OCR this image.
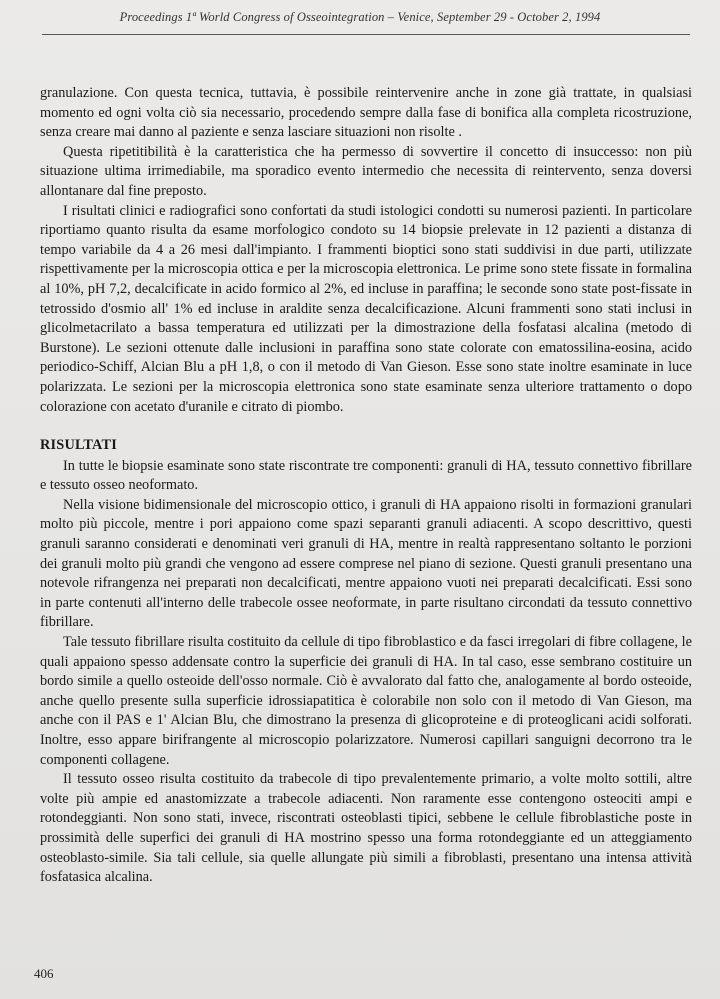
Proceedings 1ª World Congress of Osseointegration – Venice, September 29 - October 2, 1994

granulazione. Con questa tecnica, tuttavia, è possibile reintervenire anche in zone già trattate, in qualsiasi momento ed ogni volta ciò sia necessario, procedendo sempre dalla fase di bonifica alla completa ricostruzione, senza creare mai danno al paziente e senza lasciare situazioni non risolte .

Questa ripetitibilità è la caratteristica che ha permesso di sovvertire il concetto di insuccesso: non più situazione ultima irrimediabile, ma sporadico evento intermedio che necessita di reintervento, senza doversi allontanare dal fine preposto.

I risultati clinici e radiografici sono confortati da studi istologici condotti su numerosi pazienti. In particolare riportiamo quanto risulta da esame morfologico condoto su 14 biopsie prelevate in 12 pazienti a distanza di tempo variabile da 4 a 26 mesi dall'impianto. I frammenti bioptici sono stati suddivisi in due parti, utilizzate rispettivamente per la microscopia ottica e per la microscopia elettronica. Le prime sono stete fissate in formalina al 10%, pH 7,2, decalcificate in acido formico al 2%, ed incluse in paraffina; le seconde sono state post-fissate in tetrossido d'osmio all' 1% ed incluse in araldite senza decalcificazione. Alcuni frammenti sono stati inclusi in glicolmetacrilato a bassa temperatura ed utilizzati per la dimostrazione della fosfatasi alcalina (metodo di Burstone). Le sezioni ottenute dalle inclusioni in paraffina sono state colorate con ematossilina-eosina, acido periodico-Schiff, Alcian Blu a pH 1,8, o con il metodo di Van Gieson. Esse sono state inoltre esaminate in luce polarizzata. Le sezioni per la microscopia elettronica sono state esaminate senza ulteriore trattamento o dopo colorazione con acetato d'uranile e citrato di piombo.

RISULTATI

In tutte le biopsie esaminate sono state riscontrate tre componenti: granuli di HA, tessuto connettivo fibrillare e tessuto osseo neoformato.

Nella visione bidimensionale del microscopio ottico, i granuli di HA appaiono risolti in formazioni granulari molto più piccole, mentre i pori appaiono come spazi separanti granuli adiacenti. A scopo descrittivo, questi granuli saranno considerati e denominati veri granuli di HA, mentre in realtà rappresentano soltanto le porzioni dei granuli molto più grandi che vengono ad essere comprese nel piano di sezione. Questi granuli presentano una notevole rifrangenza nei preparati non decalcificati, mentre appaiono vuoti nei preparati decalcificati. Essi sono in parte contenuti all'interno delle trabecole ossee neoformate, in parte risultano circondati da tessuto connettivo fibrillare.

Tale tessuto fibrillare risulta costituito da cellule di tipo fibroblastico e da fasci irregolari di fibre collagene, le quali appaiono spesso addensate contro la superficie dei granuli di HA. In tal caso, esse sembrano costituire un bordo simile a quello osteoide dell'osso normale. Ciò è avvalorato dal fatto che, analogamente al bordo osteoide, anche quello presente sulla superficie idrossiapatitica è colorabile non solo con il metodo di Van Gieson, ma anche con il PAS e 1' Alcian Blu, che dimostrano la presenza di glicoproteine e di proteoglicani acidi solforati. Inoltre, esso appare birifrangente al microscopio polarizzatore. Numerosi capillari sanguigni decorrono tra le componenti collagene.

Il tessuto osseo risulta costituito da trabecole di tipo prevalentemente primario, a volte molto sottili, altre volte più ampie ed anastomizzate a trabecole adiacenti. Non raramente esse contengono osteociti ampi e rotondeggianti. Non sono stati, invece, riscontrati osteoblasti tipici, sebbene le cellule fibroblastiche poste in prossimità delle superfici dei granuli di HA mostrino spesso una forma rotondeggiante ed un atteggiamento osteoblasto-simile. Sia tali cellule, sia quelle allungate più simili a fibroblasti, presentano una intensa attività fosfatasica alcalina.

406
